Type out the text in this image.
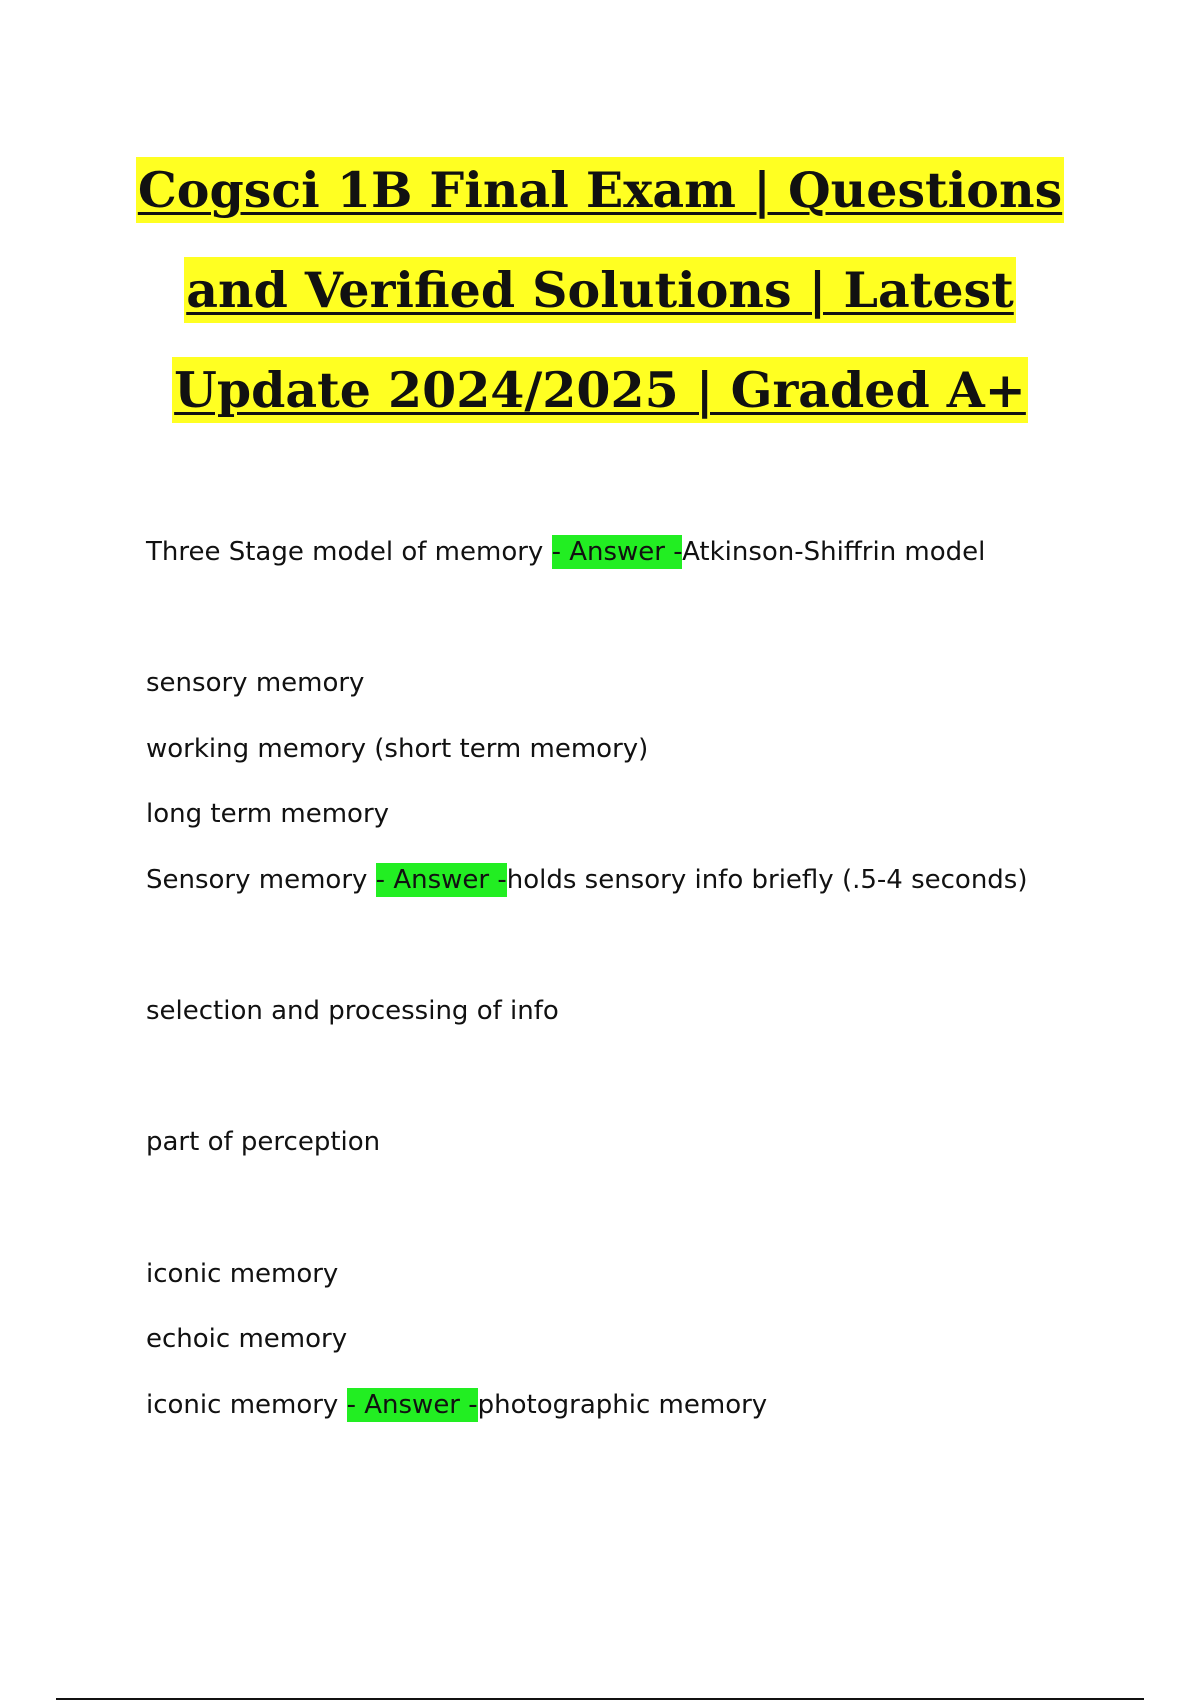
Cogsci 1B Final Exam | Questions
and Verified Solutions | Latest
Update 2024/2025 | Graded A+
Three Stage model of memory - Answer -Atkinson-Shiffrin model
sensory memory
working memory (short term memory)
long term memory
Sensory memory - Answer -holds sensory info briefly (.5-4 seconds)
selection and processing of info
part of perception
iconic memory
echoic memory
iconic memory - Answer -photographic memory
